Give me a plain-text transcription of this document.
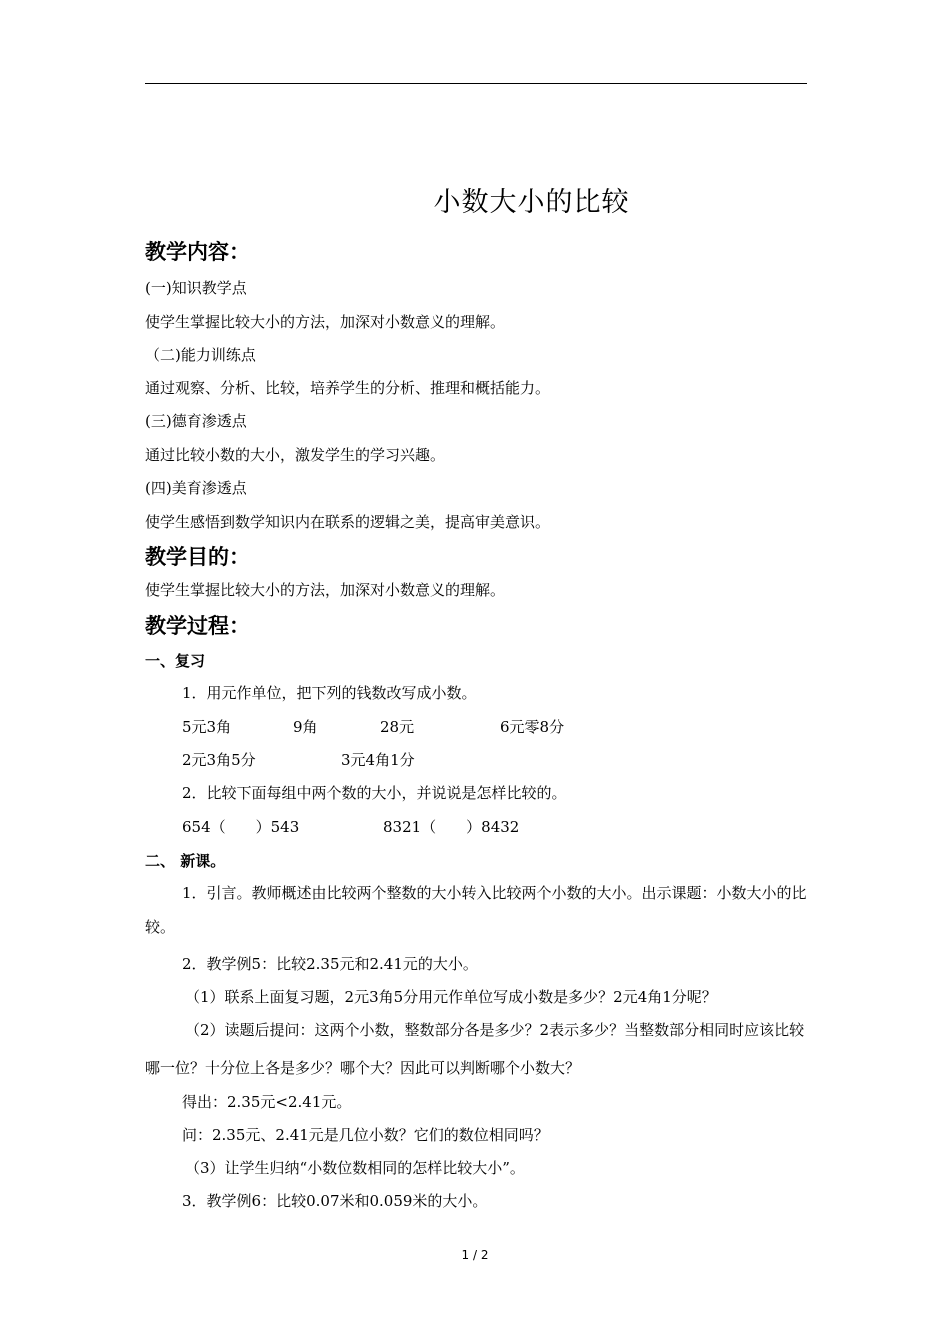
小数大小的比较
教学内容：
(一)知识教学点
使学生掌握比较大小的方法，加深对小数意义的理解。
（二)能力训练点
通过观察、分析、比较，培养学生的分析、推理和概括能力。
(三)德育渗透点
通过比较小数的大小，激发学生的学习兴趣。
(四)美育渗透点
使学生感悟到数学知识内在联系的逻辑之美，提高审美意识。
教学目的：
使学生掌握比较大小的方法，加深对小数意义的理解。
教学过程：
一、复习
1．用元作单位，把下列的钱数改写成小数。
5元3角	9角	28元	6元零8分
2元3角5分	3元4角1分
2．比较下面每组中两个数的大小，并说说是怎样比较的。
654（　　）543	8321（　　）8432
二、 新课。
1．引言。教师概述由比较两个整数的大小转入比较两个小数的大小。出示课题：小数大小的比较。
2．教学例5：比较2.35元和2.41元的大小。
（1）联系上面复习题，2元3角5分用元作单位写成小数是多少？2元4角1分呢？
（2）读题后提问：这两个小数，整数部分各是多少？2表示多少？当整数部分相同时应该比较哪一位？十分位上各是多少？哪个大？因此可以判断哪个小数大？
得出：2.35元<2.41元。
问：2.35元、2.41元是几位小数？它们的数位相同吗？
（3）让学生归纳“小数位数相同的怎样比较大小”。
3．教学例6：比较0.07米和0.059米的大小。
1 / 2
